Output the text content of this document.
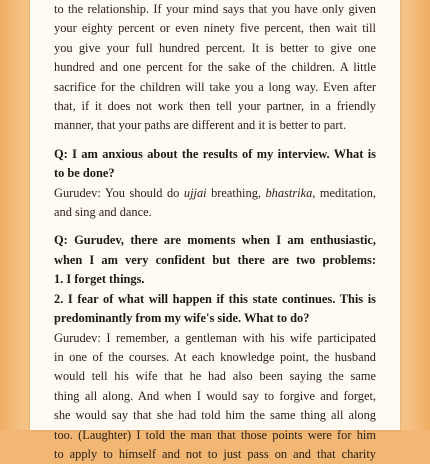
to the relationship. If your mind says that you have only given
your eighty percent or even ninety five percent, then wait till
you give your full hundred percent. It is better to give one
hundred and one percent for the sake of the children. A little
sacrifice for the children will take you a long way. Even after
that, if it does not work then tell your partner, in a friendly
manner, that your paths are different and it is better to part.
Q: I am anxious about the results of my interview. What is
to be done?
Gurudev: You should do ujjai breathing, bhastrika, meditation,
and sing and dance.
Q: Gurudev, there are moments when I am enthusiastic,
when I am very confident but there are two problems:
1. I forget things.
2. I fear of what will happen if this state continues. This is
predominantly from my wife's side. What to do?
Gurudev: I remember, a gentleman with his wife participated
in one of the courses. At each knowledge point, the husband
would tell his wife that he had also been saying the same
thing all along. And when I would say to forgive and forget,
she would say that she had told him the same thing all along
too. (Laughter) I told the man that those points were for him
to apply to himself and not to just pass on and that charity
